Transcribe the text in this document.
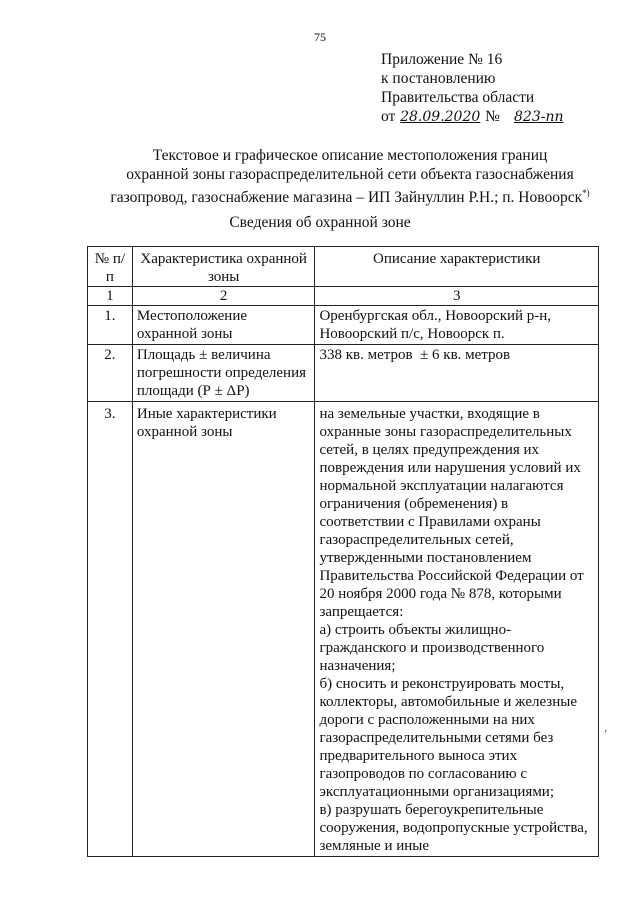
75
Приложение № 16
к постановлению
Правительства области
от 28.09.2020 № 823-пп
Текстовое и графическое описание местоположения границ
охранной зоны газораспределительной сети объекта газоснабжения
газопровод, газоснабжение магазина – ИП Зайнуллин Р.Н.; п. Новоорск*)
Сведения об охранной зоне
№ п/п	Характеристика охранной зоны	Описание характеристики
1	2	3
1.	Местоположение охранной зоны	Оренбургская обл., Новоорский р-н, Новоорский п/с, Новоорск п.
2.	Площадь ± величина погрешности определения площади (Р ± ΔР)	338 кв. метров  ± 6 кв. метров
3.	Иные характеристики охранной зоны	на земельные участки, входящие в охранные зоны газораспределительных сетей, в целях предупреждения их повреждения или нарушения условий их нормальной эксплуатации налагаются ограничения (обременения) в соответствии с Правилами охраны газораспределительных сетей, утвержденными постановлением Правительства Российской Федерации от 20 ноября 2000 года № 878, которыми запрещается:
а) строить объекты жилищно-гражданского и производственного назначения;
б) сносить и реконструировать мосты, коллекторы, автомобильные и железные дороги с расположенными на них газораспределительными сетями без предварительного выноса этих газопроводов по согласованию с эксплуатационными организациями;
в) разрушать берегоукрепительные сооружения, водопропускные устройства, земляные и иные
’
